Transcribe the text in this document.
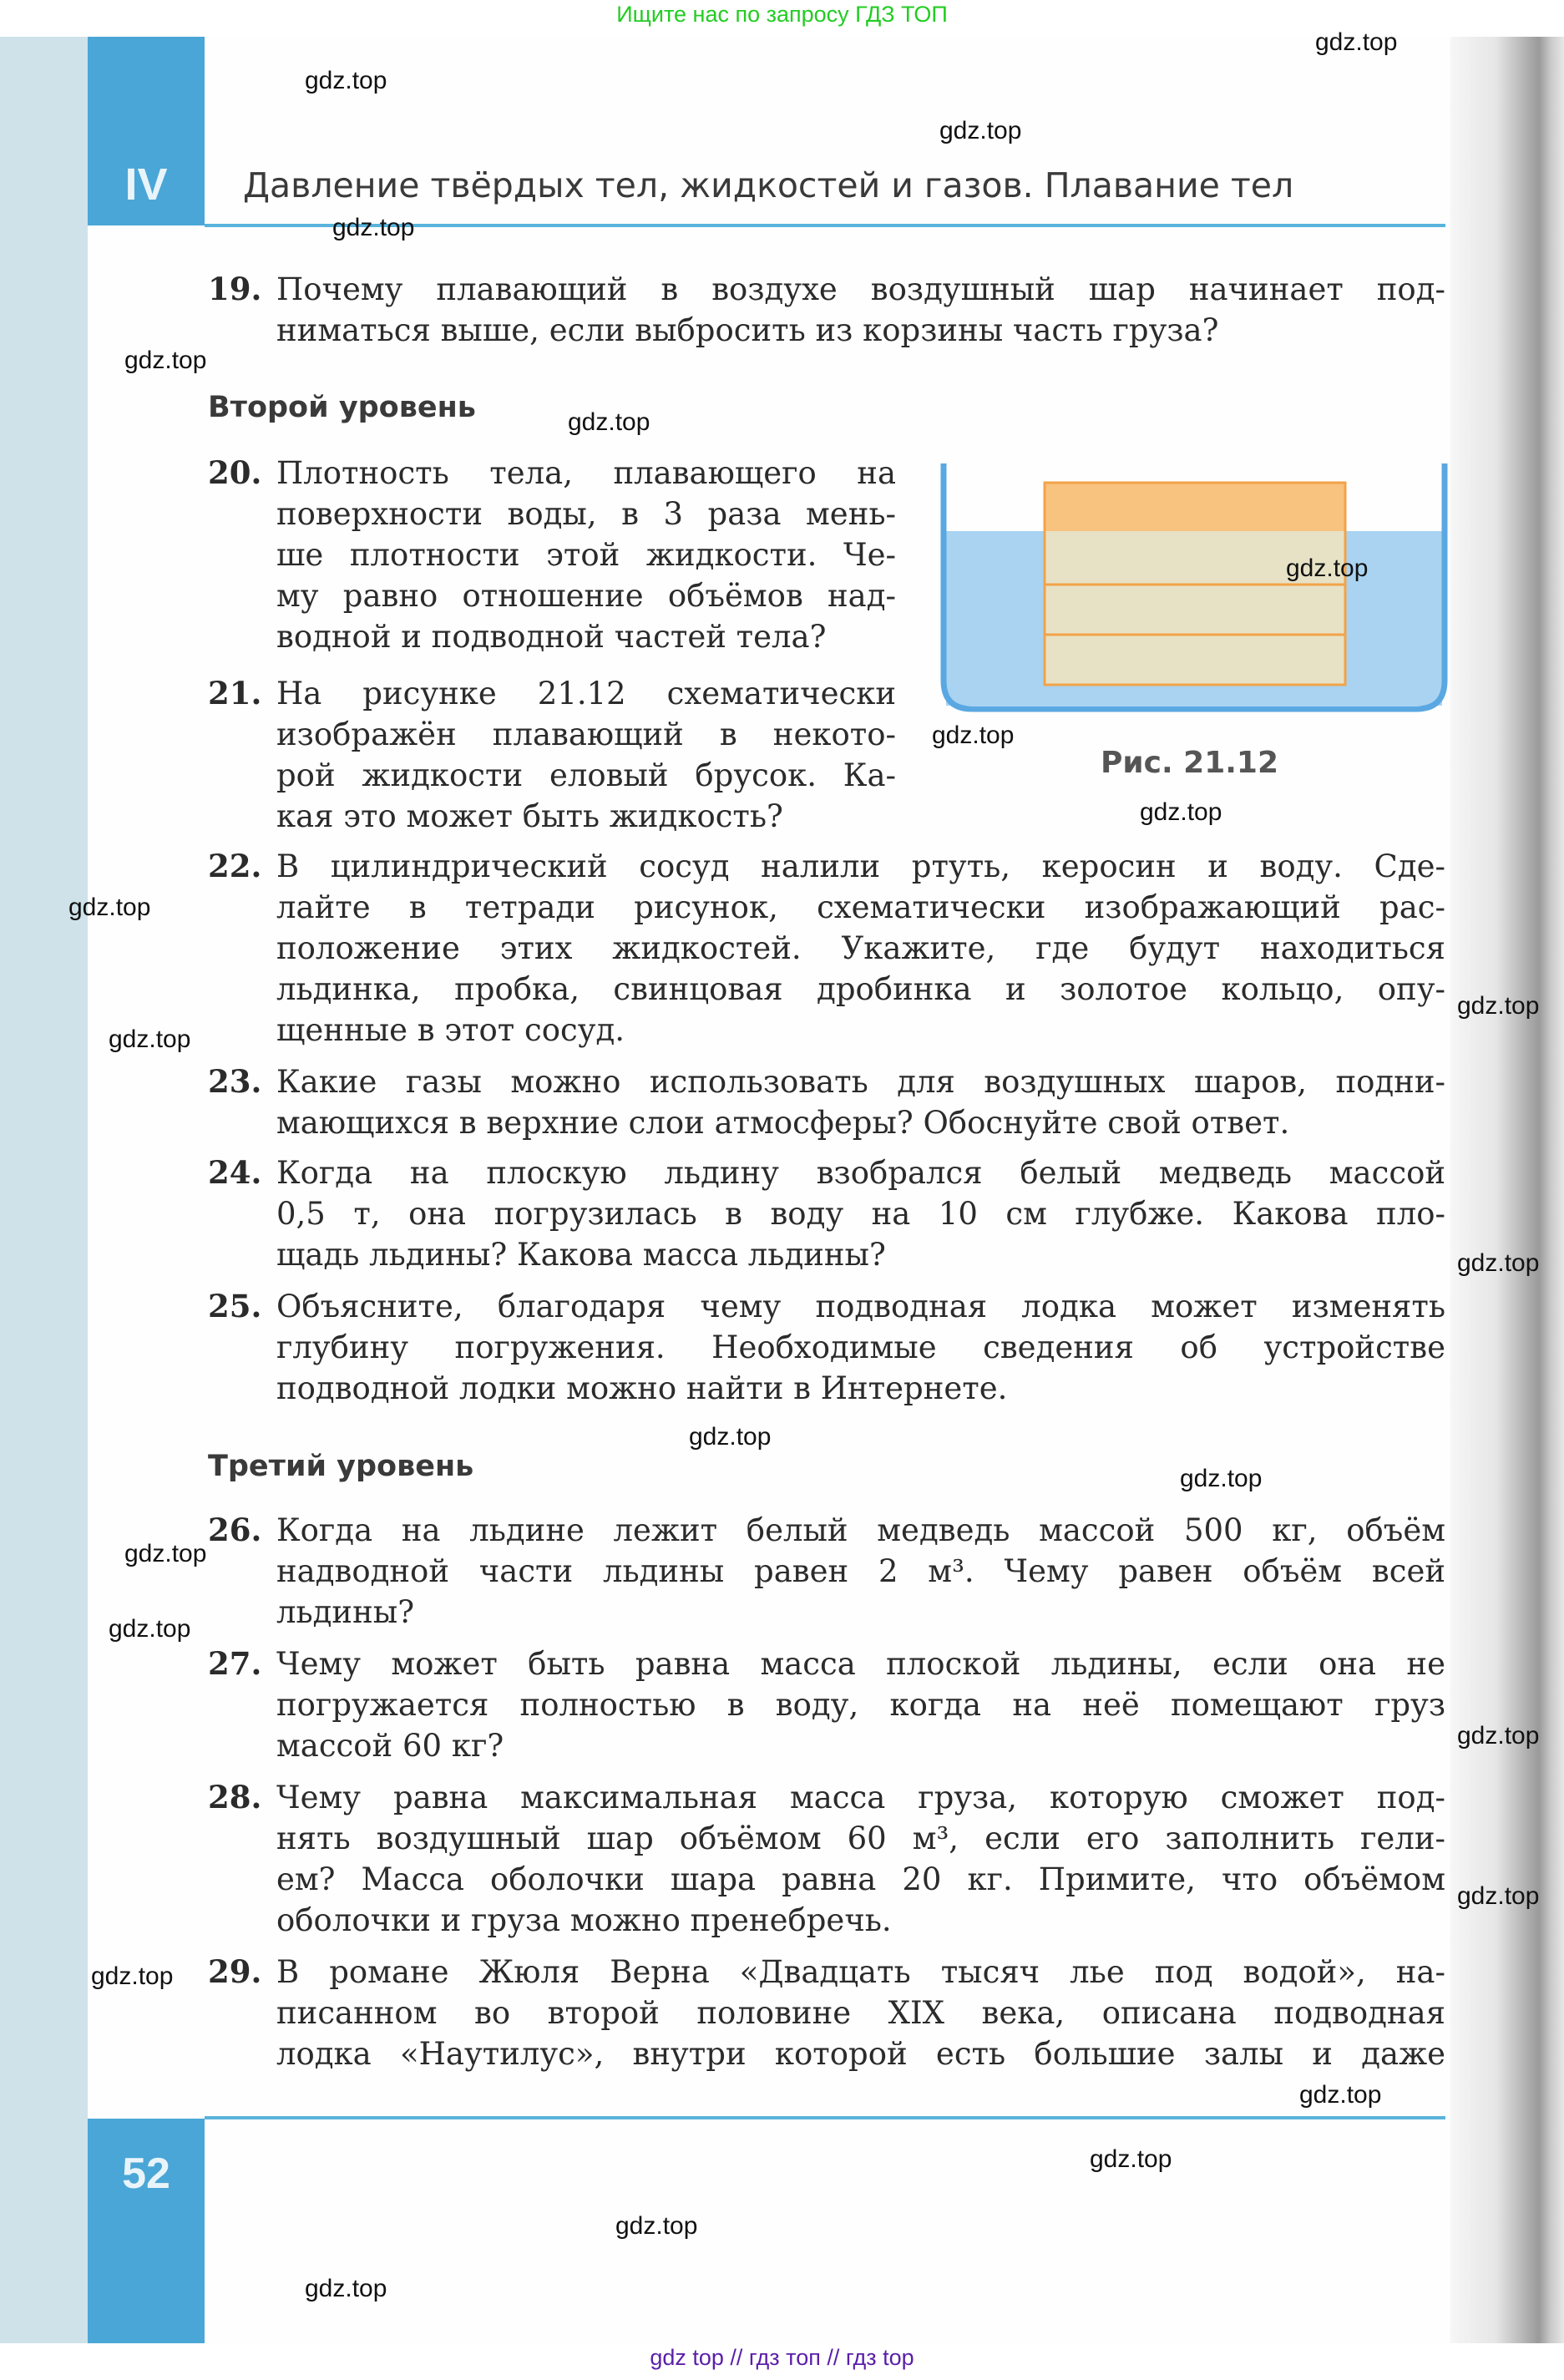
Ищите нас по запросу ГДЗ ТОП
IV
52
Давление твёрдых тел, жидкостей и газов. Плавание тел
Второй уровень
Третий уровень
19. Почему плавающий в воздухе воздушный шар начинает под-
ниматься выше, если выбросить из корзины часть груза?
20. Плотность тела, плавающего на
поверхности воды, в 3 раза мень-
ше плотности этой жидкости. Че-
му равно отношение объёмов над-
водной и подводной частей тела?
21. На рисунке 21.12 схематически
изображён плавающий в некото-
рой жидкости еловый брусок. Ка-
кая это может быть жидкость?
22. В цилиндрический сосуд налили ртуть, керосин и воду. Сде-
лайте в тетради рисунок, схематически изображающий рас-
положение этих жидкостей. Укажите, где будут находиться
льдинка, пробка, свинцовая дробинка и золотое кольцо, опу-
щенные в этот сосуд.
23. Какие газы можно использовать для воздушных шаров, подни-
мающихся в верхние слои атмосферы? Обоснуйте свой ответ.
24. Когда на плоскую льдину взобрался белый медведь массой
0,5 т, она погрузилась в воду на 10 см глубже. Какова пло-
щадь льдины? Какова масса льдины?
25. Объясните, благодаря чему подводная лодка может изменять
глубину погружения. Необходимые сведения об устройстве
подводной лодки можно найти в Интернете.
26. Когда на льдине лежит белый медведь массой 500 кг, объём
надводной части льдины равен 2 м³. Чему равен объём всей
льдины?
27. Чему может быть равна масса плоской льдины, если она не
погружается полностью в воду, когда на неё помещают груз
массой 60 кг?
28. Чему равна максимальная масса груза, которую сможет под-
нять воздушный шар объёмом 60 м³, если его заполнить гели-
ем? Масса оболочки шара равна 20 кг. Примите, что объёмом
оболочки и груза можно пренебречь.
29. В романе Жюля Верна «Двадцать тысяч лье под водой», на-
писанном во второй половине XIX века, описана подводная
лодка «Наутилус», внутри которой есть большие залы и даже
Рис. 21.12
gdz top // гдз топ // гдз top
gdz.top
gdz.top
gdz.top
gdz.top
gdz.top
gdz.top
gdz.top
gdz.top
gdz.top
gdz.top
gdz.top
gdz.top
gdz.top
gdz.top
gdz.top
gdz.top
gdz.top
gdz.top
gdz.top
gdz.top
gdz.top
gdz.top
gdz.top
gdz.top
